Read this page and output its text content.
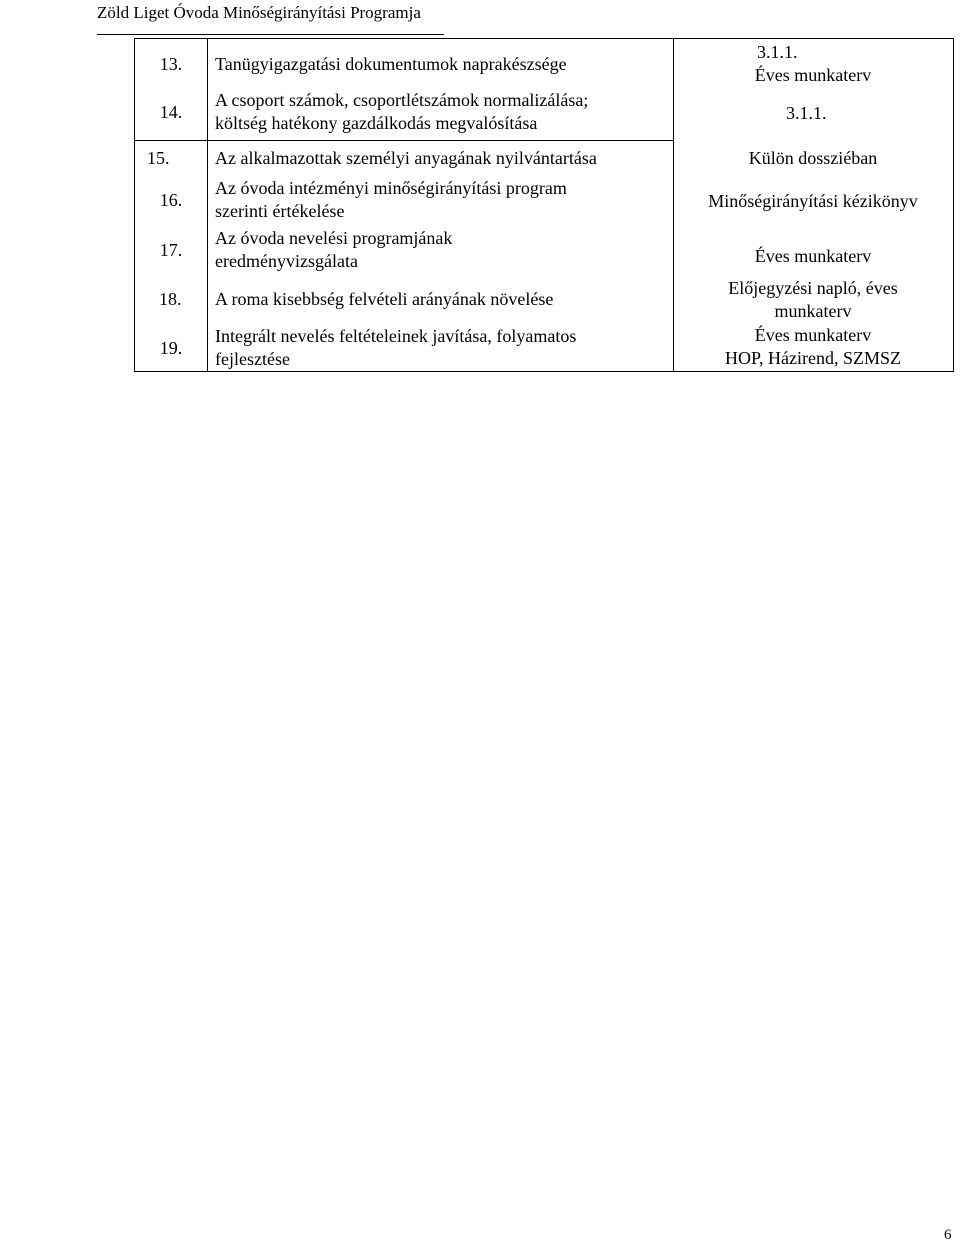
Zöld Liget Óvoda Minőségirányítási Programja
13.	Tanügyigazgatási dokumentumok naprakészsége
14.
A csoport számok, csoportlétszámok normalizálása;
költség hatékony gazdálkodás megvalósítása
15.	Az alkalmazottak személyi anyagának nyilvántartása
16.
Az óvoda intézményi minőségirányítási program
szerinti értékelése
17.
Az óvoda nevelési programjának
eredményvizsgálata
18. A roma kisebbség felvételi arányának növelése
19.
Integrált nevelés feltételeinek javítása, folyamatos
fejlesztése
3.1.1.
Éves munkaterv
3.1.1.
Külön dossziéban
Minőségirányítási kézikönyv
Éves munkaterv
Előjegyzési napló, éves
munkaterv
Éves munkaterv
HOP, Házirend, SZMSZ
6
